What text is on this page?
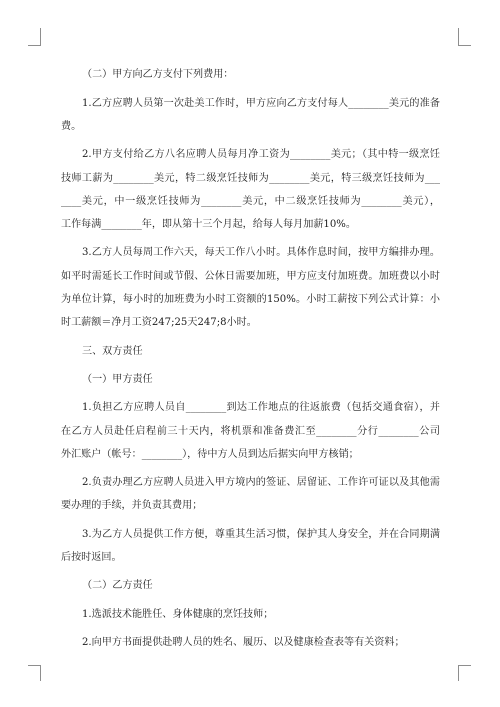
（二）甲方向乙方支付下列费用：
1.乙方应聘人员第一次赴美工作时，甲方应向乙方支付每人________美元的准备
费。
2.甲方支付给乙方八名应聘人员每月净工资为________美元；（其中特一级烹饪
技师工薪为________美元，特二级烹饪技师为________美元，特三级烹饪技师为___
____美元，中一级烹饪技师为________美元，中二级烹饪技师为________美元），
工作每满________年，即从第十三个月起，给每人每月加薪10%。
3.乙方人员每周工作六天，每天工作八小时。具体作息时间，按甲方编排办理。
如平时需延长工作时间或节假、公休日需要加班，甲方应支付加班费。加班费以小时
为单位计算，每小时的加班费为小时工资额的150%。小时工薪按下列公式计算：小
时工薪额＝净月工资247;25天247;8小时。
三、双方责任
（一）甲方责任
1.负担乙方应聘人员自________到达工作地点的往返旅费（包括交通食宿），并
在乙方人员赴任启程前三十天内，将机票和准备费汇至________分行________公司
外汇账户（帐号：________），待中方人员到达后据实向甲方核销；
2.负责办理乙方应聘人员进入甲方境内的签证、居留证、工作许可证以及其他需
要办理的手续，并负责其费用；
3.为乙方人员提供工作方便，尊重其生活习惯，保护其人身安全，并在合同期满
后按时返回。
（二）乙方责任
1.选派技术能胜任、身体健康的烹饪技师；
2.向甲方书面提供赴聘人员的姓名、履历、以及健康检查表等有关资料；
